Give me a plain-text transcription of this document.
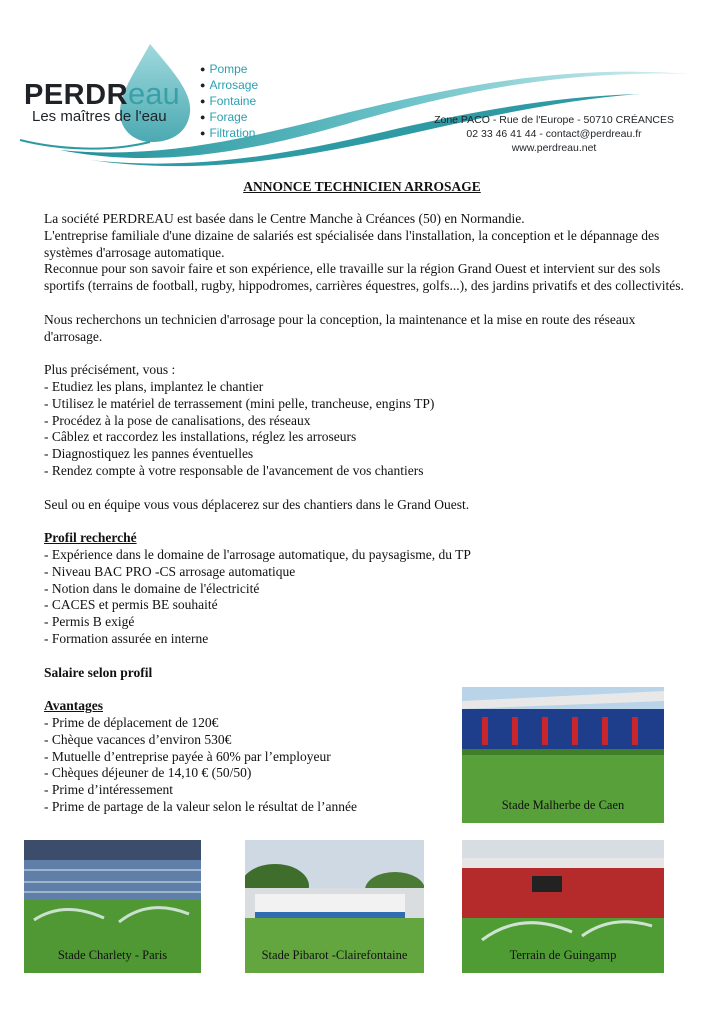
PERDReau
Les maîtres de l'eau
● Pompe
● Arrosage
● Fontaine
● Forage
● Filtration
Zone PACO - Rue de l'Europe - 50710 CRÉANCES
02 33 46 41 44 - contact@perdreau.fr
www.perdreau.net
ANNONCE TECHNICIEN ARROSAGE

La société PERDREAU est basée dans le Centre Manche à Créances (50) en Normandie.

L'entreprise familiale d'une dizaine de salariés est spécialisée dans l'installation, la conception et le dépannage des systèmes d'arrosage automatique.

Reconnue pour son savoir faire et son expérience, elle travaille sur la région Grand Ouest et intervient sur des sols sportifs (terrains de football, rugby, hippodromes, carrières équestres, golfs...), des jardins privatifs et des collectivités.

Nous recherchons un technicien d'arrosage pour la conception, la maintenance et la mise en route des réseaux d'arrosage.

Plus précisément, vous :

- Etudiez les plans, implantez le chantier

- Utilisez le matériel de terrassement (mini pelle, trancheuse, engins TP)

- Procédez à la pose de canalisations, des réseaux

- Câblez et raccordez les installations, réglez les arroseurs

- Diagnostiquez les pannes éventuelles

- Rendez compte à votre responsable de l'avancement de vos chantiers

Seul ou en équipe vous vous déplacerez sur des chantiers dans le Grand Ouest.

Profil recherché

- Expérience dans le domaine de l'arrosage automatique, du paysagisme, du TP

- Niveau BAC PRO -CS arrosage automatique

- Notion dans le domaine de l'électricité

- CACES et permis BE souhaité

- Permis B exigé

- Formation assurée en interne

Salaire selon profil

Avantages

- Prime de déplacement de 120€

- Chèque vacances d’environ 530€

- Mutuelle d’entreprise payée à 60% par l’employeur

- Chèques déjeuner de 14,10 € (50/50)

- Prime d’intéressement

- Prime de partage de la valeur selon le résultat de l’année	Stade Malherbe de Caen
Stade Charlety - Paris	Stade Pibarot -Clairefontaine	Terrain de Guingamp
